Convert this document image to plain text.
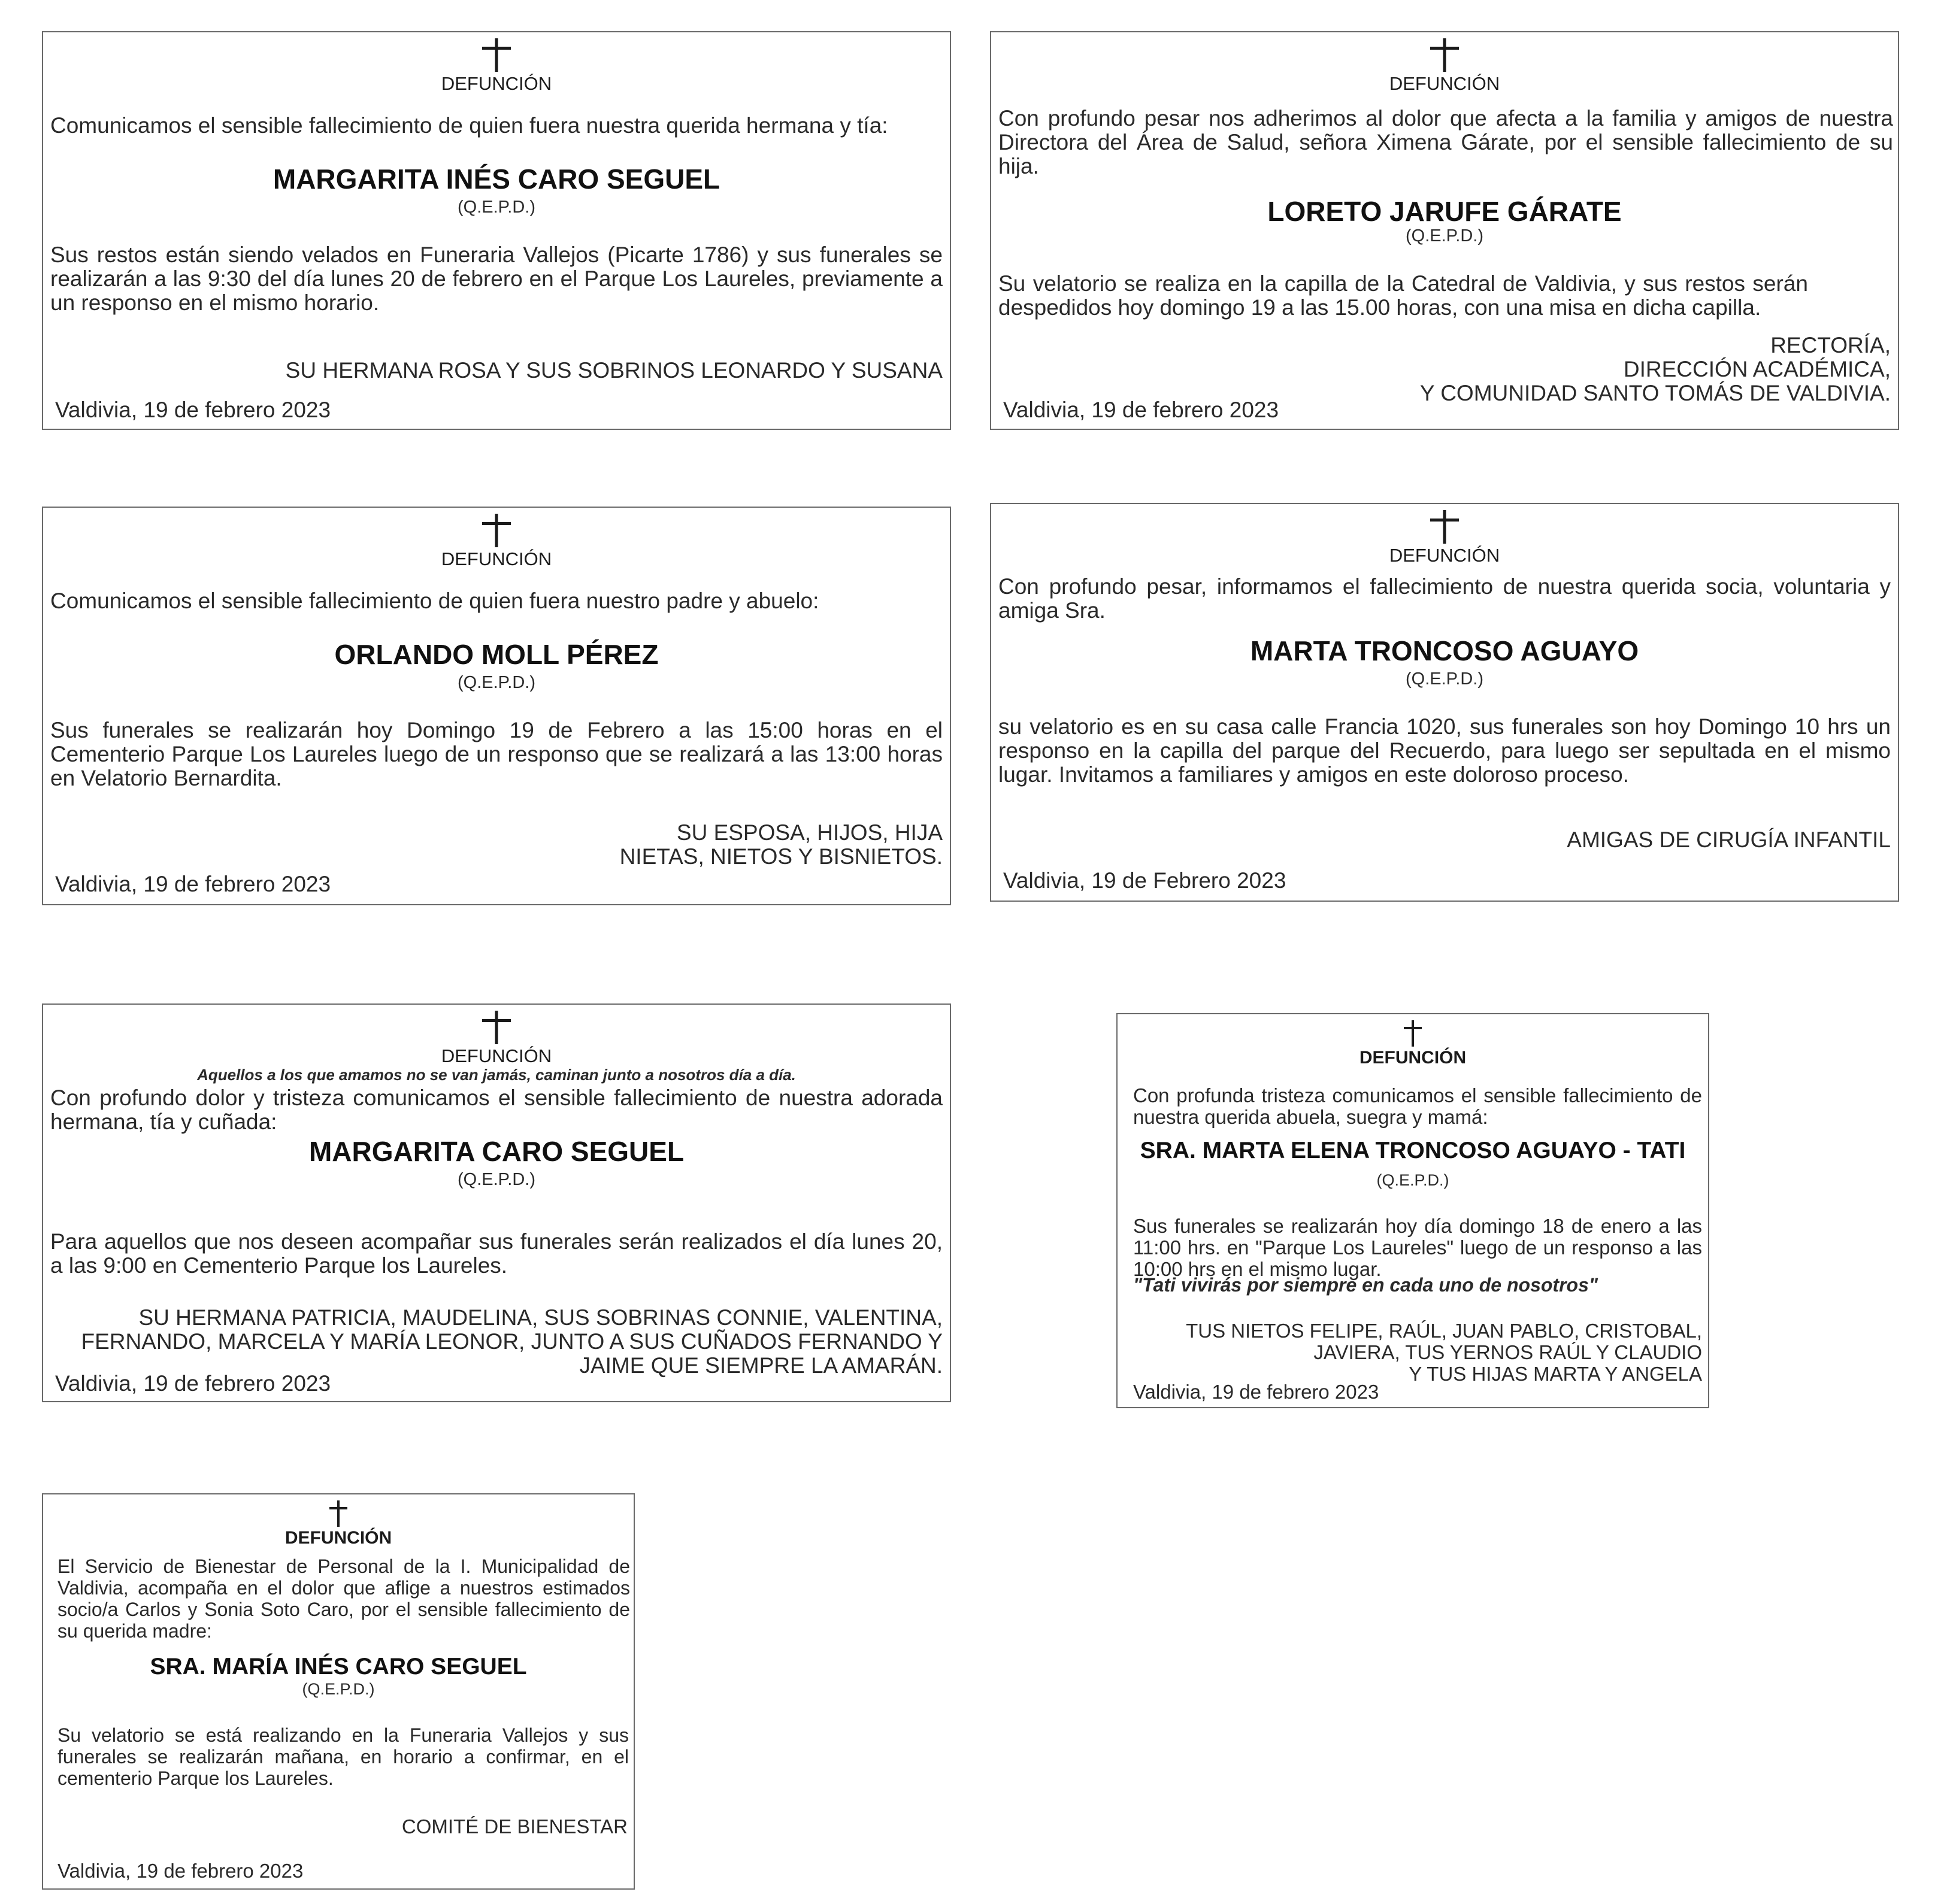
DEFUNCIÓN
Comunicamos el sensible fallecimiento de quien fuera nuestra querida hermana y tía:
MARGARITA INÉS CARO SEGUEL
(Q.E.P.D.)
Sus restos están siendo velados en Funeraria Vallejos (Picarte 1786) y sus funerales se realizarán a las 9:30 del día lunes 20 de febrero en el Parque Los Laureles, previamente a un responso en el mismo horario.
SU HERMANA ROSA Y SUS SOBRINOS LEONARDO Y SUSANA
Valdivia, 19 de febrero 2023
DEFUNCIÓN
Con profundo pesar nos adherimos al dolor que afecta a la familia y amigos de nuestra Directora del Área de Salud, señora Ximena Gárate, por el sensible fallecimiento de su hija.
LORETO JARUFE GÁRATE
(Q.E.P.D.)
Su velatorio se realiza en la capilla de la Catedral de Valdivia, y sus restos serán despedidos hoy domingo 19 a las 15.00 horas, con una misa en dicha capilla.
RECTORÍA,
DIRECCIÓN ACADÉMICA,
Y COMUNIDAD SANTO TOMÁS DE VALDIVIA.
Valdivia, 19 de febrero 2023
DEFUNCIÓN
Comunicamos el sensible fallecimiento de quien fuera nuestro padre y abuelo:
ORLANDO MOLL PÉREZ
(Q.E.P.D.)
Sus funerales se realizarán hoy Domingo 19 de Febrero a las 15:00 horas en el Cementerio Parque Los Laureles luego de un responso que se realizará a las 13:00 horas en Velatorio Bernardita.
SU ESPOSA, HIJOS, HIJA
NIETAS, NIETOS Y BISNIETOS.
Valdivia, 19 de febrero 2023
DEFUNCIÓN
Con profundo pesar, informamos el fallecimiento de nuestra querida socia, voluntaria y amiga Sra.
MARTA TRONCOSO AGUAYO
(Q.E.P.D.)
su velatorio es en su casa calle Francia 1020, sus funerales son hoy Domingo 10 hrs un responso en la capilla del parque del Recuerdo, para luego ser sepultada en el mismo lugar. Invitamos a familiares y amigos en este doloroso proceso.
AMIGAS DE CIRUGÍA INFANTIL
Valdivia, 19 de Febrero 2023
DEFUNCIÓN
Aquellos a los que amamos no se van jamás, caminan junto a nosotros día a día.
Con profundo dolor y tristeza comunicamos el sensible fallecimiento de nuestra adorada hermana, tía y cuñada:
MARGARITA CARO SEGUEL
(Q.E.P.D.)
Para aquellos que nos deseen acompañar sus funerales serán realizados el día lunes 20, a las 9:00 en Cementerio Parque los Laureles.
SU HERMANA PATRICIA, MAUDELINA, SUS SOBRINAS CONNIE, VALENTINA,
FERNANDO, MARCELA Y MARÍA LEONOR, JUNTO A SUS CUÑADOS FERNANDO Y
JAIME QUE SIEMPRE LA AMARÁN.
Valdivia, 19 de febrero 2023
DEFUNCIÓN
Con profunda tristeza comunicamos el sensible fallecimiento de nuestra querida abuela, suegra y mamá:
SRA. MARTA ELENA TRONCOSO AGUAYO - TATI
(Q.E.P.D.)
Sus funerales se realizarán hoy día domingo 18 de enero a las 11:00 hrs. en "Parque Los Laureles" luego de un responso a las 10:00 hrs en el mismo lugar.
"Tati vivirás por siempre en cada uno de nosotros"
TUS NIETOS FELIPE, RAÚL, JUAN PABLO, CRISTOBAL,
JAVIERA, TUS YERNOS RAÚL Y CLAUDIO
Y TUS HIJAS MARTA Y ANGELA
Valdivia, 19 de febrero 2023
DEFUNCIÓN
El Servicio de Bienestar de Personal de la I. Municipalidad de Valdivia, acompaña en el dolor que aflige a nuestros estimados socio/a Carlos y Sonia Soto Caro, por el sensible fallecimiento de su querida madre:
SRA. MARÍA INÉS CARO SEGUEL
(Q.E.P.D.)
Su velatorio se está realizando en la Funeraria Vallejos y sus funerales se realizarán mañana, en horario a confirmar, en el cementerio Parque los Laureles.
COMITÉ DE BIENESTAR
Valdivia, 19 de febrero 2023
